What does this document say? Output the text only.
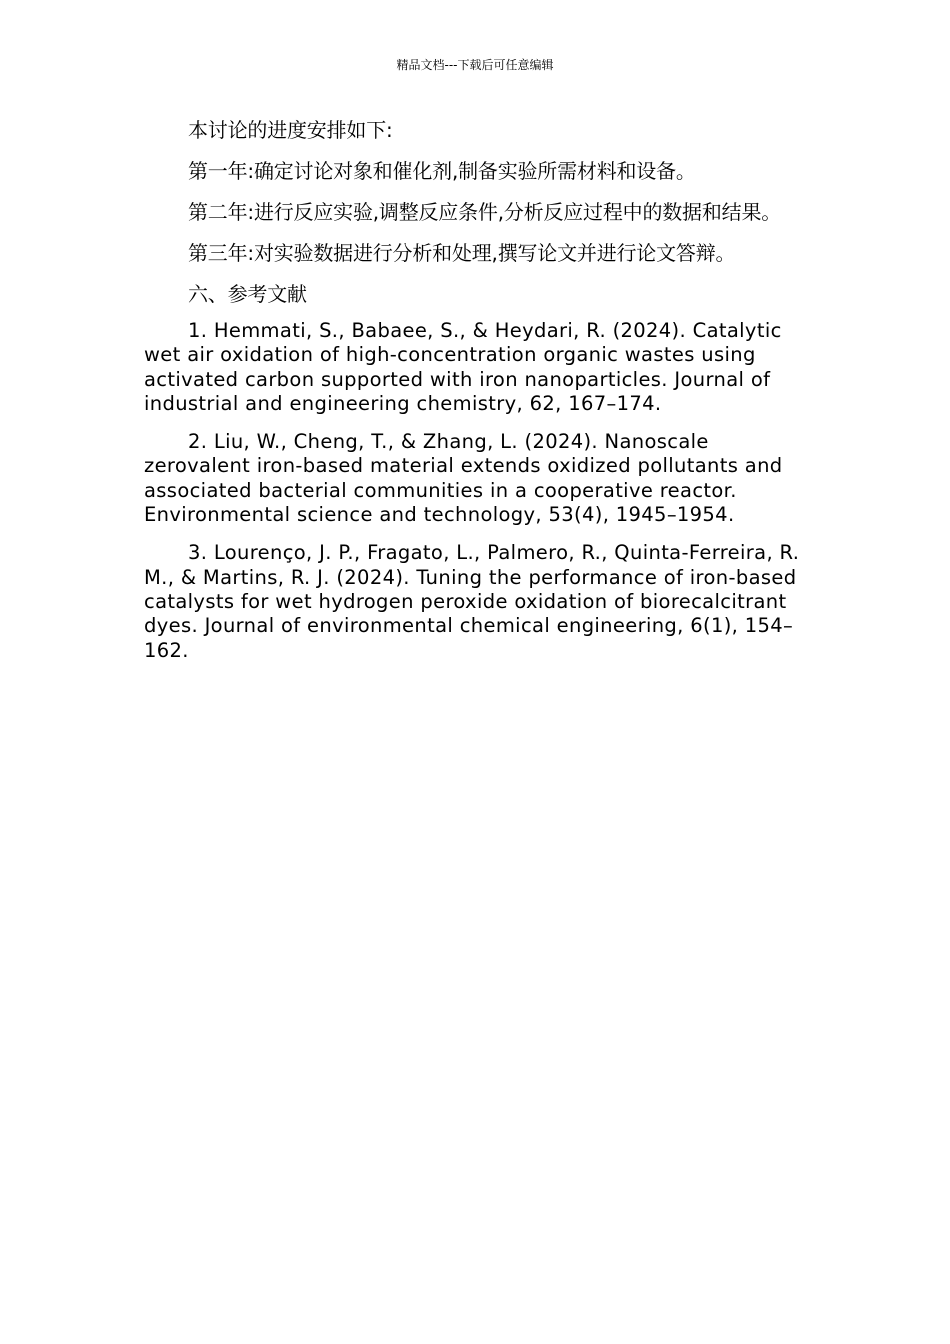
精品文档---下载后可任意编辑

本讨论的进度安排如下:

第一年:确定讨论对象和催化剂,制备实验所需材料和设备。

第二年:进行反应实验,调整反应条件,分析反应过程中的数据和结果。

第三年:对实验数据进行分析和处理,撰写论文并进行论文答辩。

六、参考文献

1. Hemmati, S., Babaee, S., & Heydari, R. (2024). Catalytic wet air oxidation of high-concentration organic wastes using activated carbon supported with iron nanoparticles. Journal of industrial and engineering chemistry, 62, 167–174.

2. Liu, W., Cheng, T., & Zhang, L. (2024). Nanoscale zerovalent iron-based material extends oxidized pollutants and associated bacterial communities in a cooperative reactor. Environmental science and technology, 53(4), 1945–1954.

3. Lourenço, J. P., Fragato, L., Palmero, R., Quinta-Ferreira, R. M., & Martins, R. J. (2024). Tuning the performance of iron-based catalysts for wet hydrogen peroxide oxidation of biorecalcitrant dyes. Journal of environmental chemical engineering, 6(1), 154–162.
